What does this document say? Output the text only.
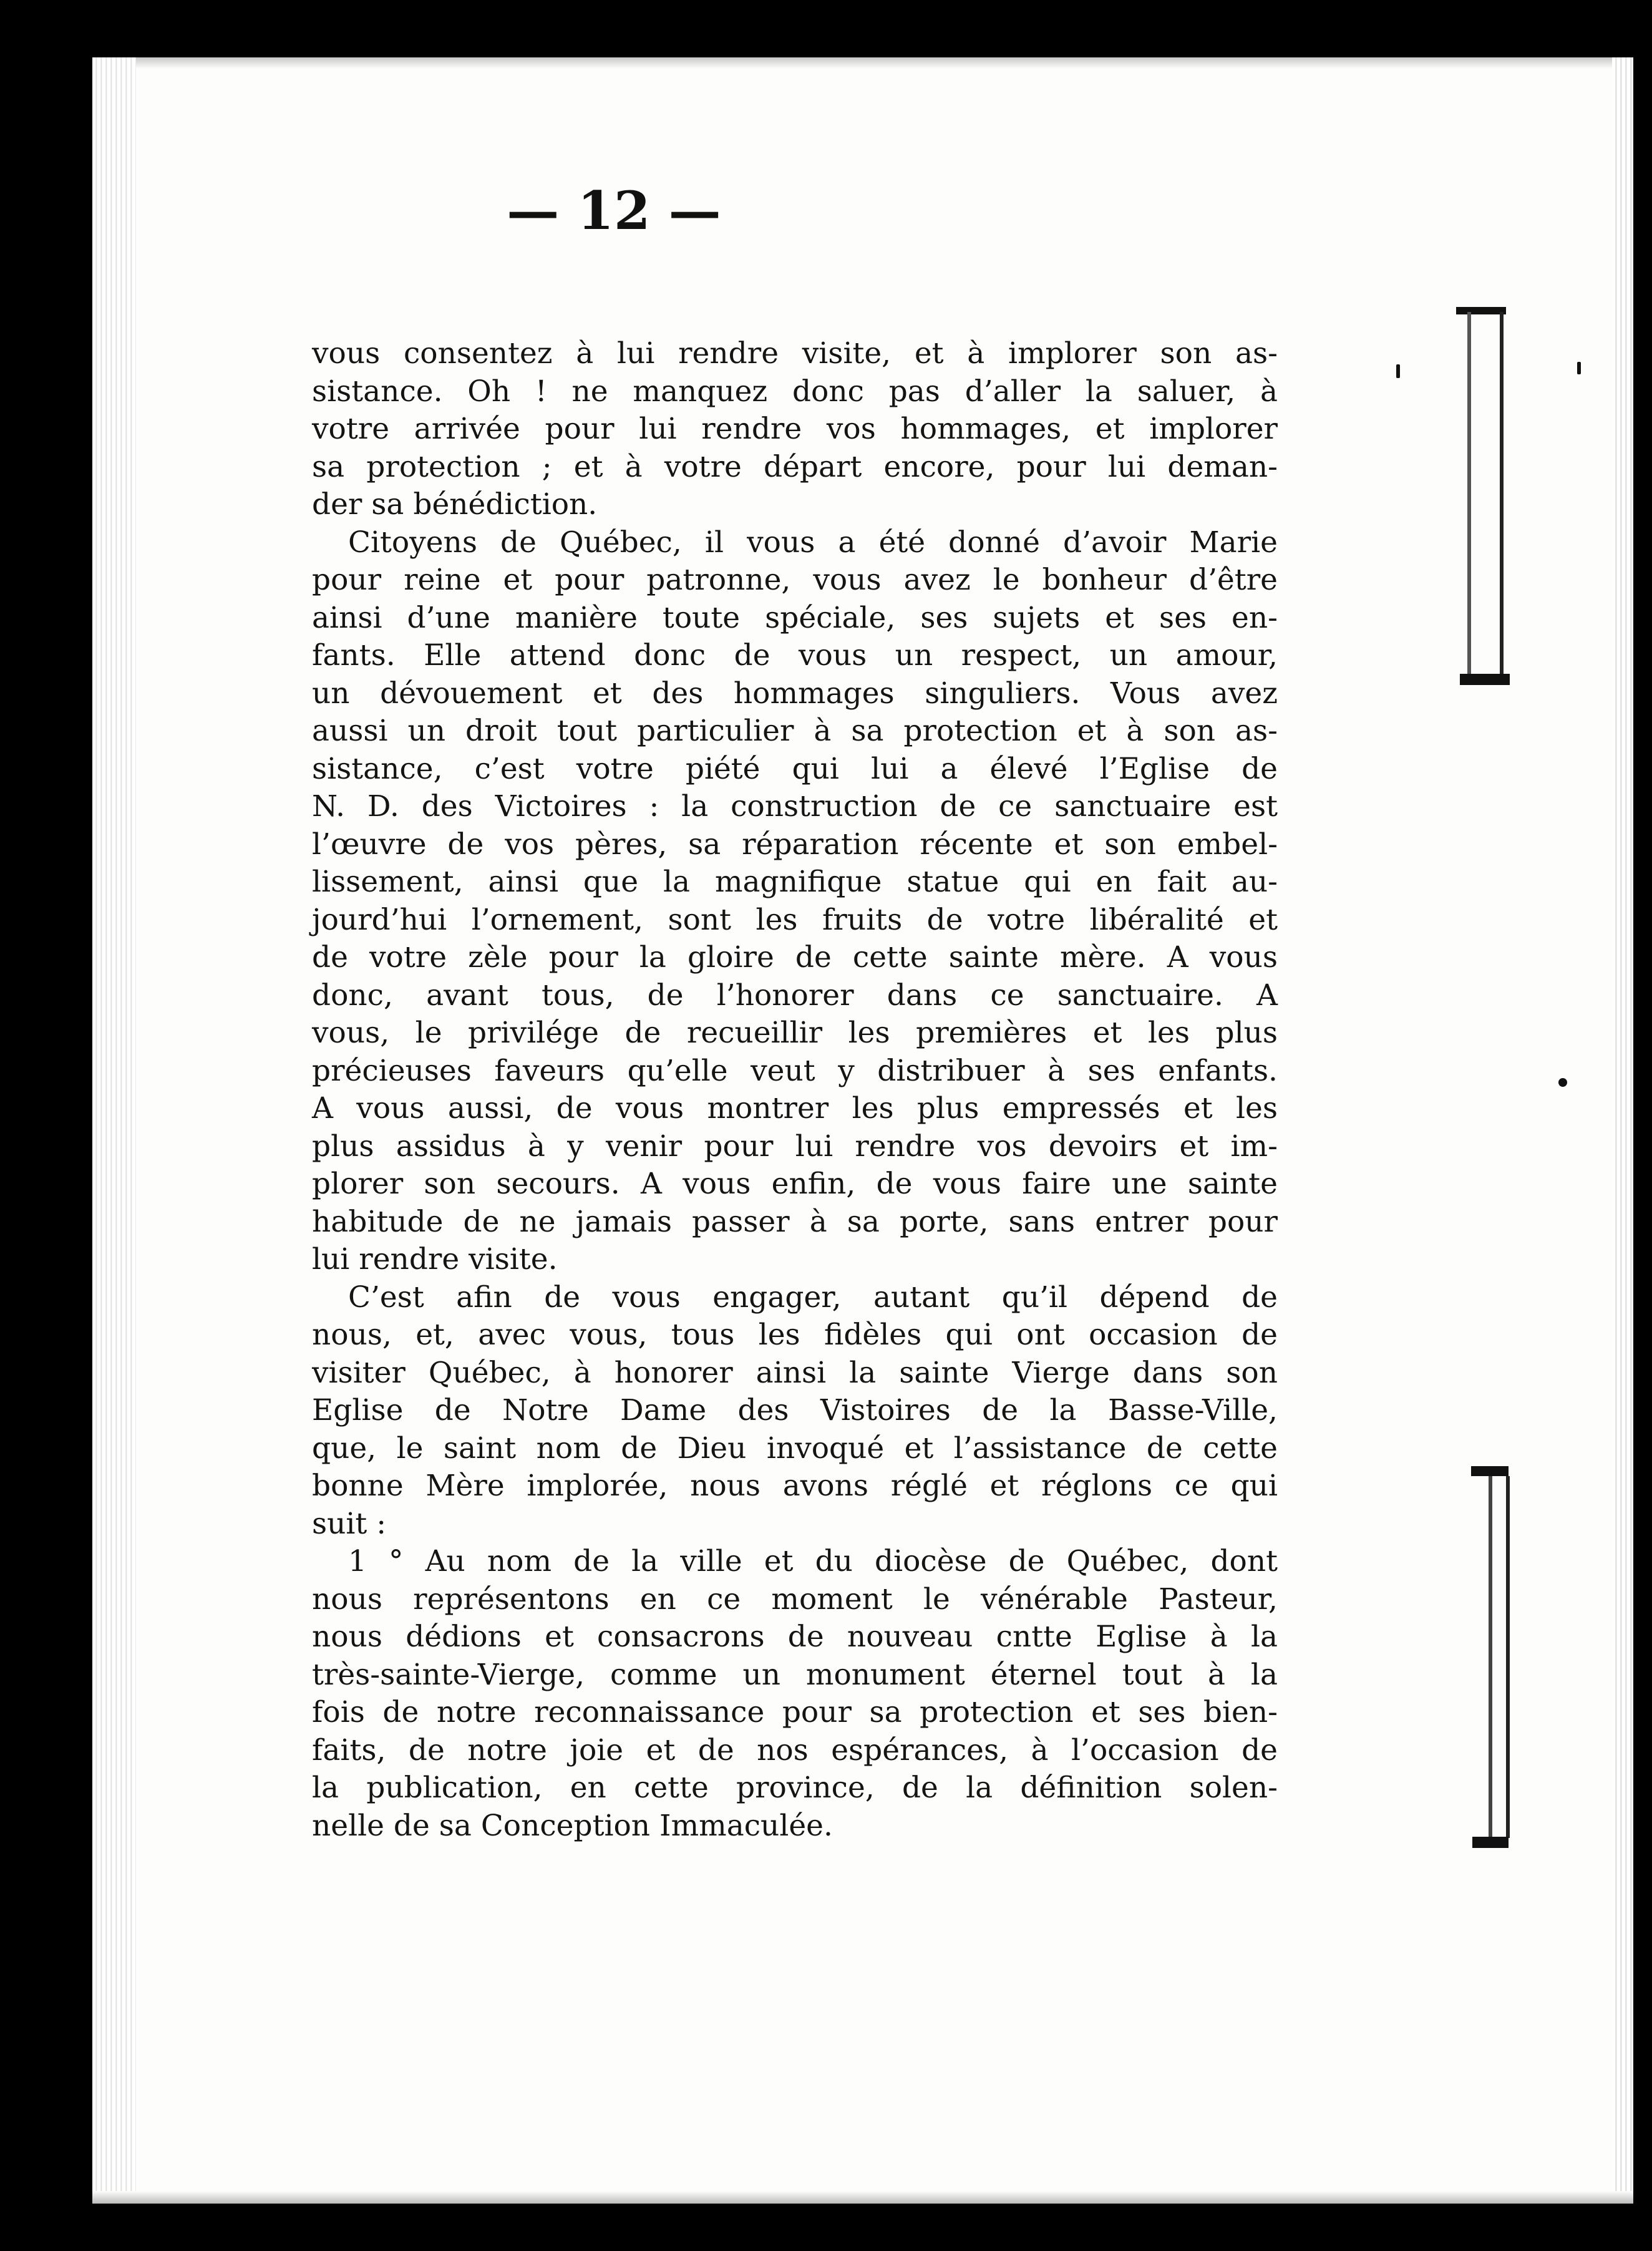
— 12 —
vous consentez à lui rendre visite, et à implorer son as-
sistance. Oh ! ne manquez donc pas d’aller la saluer, à
votre arrivée pour lui rendre vos hommages, et implorer
sa protection ; et à votre départ encore, pour lui deman-
der sa bénédiction.
Citoyens de Québec, il vous a été donné d’avoir Marie
pour reine et pour patronne, vous avez le bonheur d’être
ainsi d’une manière toute spéciale, ses sujets et ses en-
fants. Elle attend donc de vous un respect, un amour,
un dévouement et des hommages singuliers. Vous avez
aussi un droit tout particulier à sa protection et à son as-
sistance, c’est votre piété qui lui a élevé l’Eglise de
N. D. des Victoires : la construction de ce sanctuaire est
l’œuvre de vos pères, sa réparation récente et son embel-
lissement, ainsi que la magnifique statue qui en fait au-
jourd’hui l’ornement, sont les fruits de votre libéralité et
de votre zèle pour la gloire de cette sainte mère. A vous
donc, avant tous, de l’honorer dans ce sanctuaire. A
vous, le privilége de recueillir les premières et les plus
précieuses faveurs qu’elle veut y distribuer à ses enfants.
A vous aussi, de vous montrer les plus empressés et les
plus assidus à y venir pour lui rendre vos devoirs et im-
plorer son secours. A vous enfin, de vous faire une sainte
habitude de ne jamais passer à sa porte, sans entrer pour
lui rendre visite.
C’est afin de vous engager, autant qu’il dépend de
nous, et, avec vous, tous les fidèles qui ont occasion de
visiter Québec, à honorer ainsi la sainte Vierge dans son
Eglise de Notre Dame des Vistoires de la Basse-Ville,
que, le saint nom de Dieu invoqué et l’assistance de cette
bonne Mère implorée, nous avons réglé et réglons ce qui
suit :
1 ° Au nom de la ville et du diocèse de Québec, dont
nous représentons en ce moment le vénérable Pasteur,
nous dédions et consacrons de nouveau cntte Eglise à la
très-sainte-Vierge, comme un monument éternel tout à la
fois de notre reconnaissance pour sa protection et ses bien-
faits, de notre joie et de nos espérances, à l’occasion de
la publication, en cette province, de la définition solen-
nelle de sa Conception Immaculée.
